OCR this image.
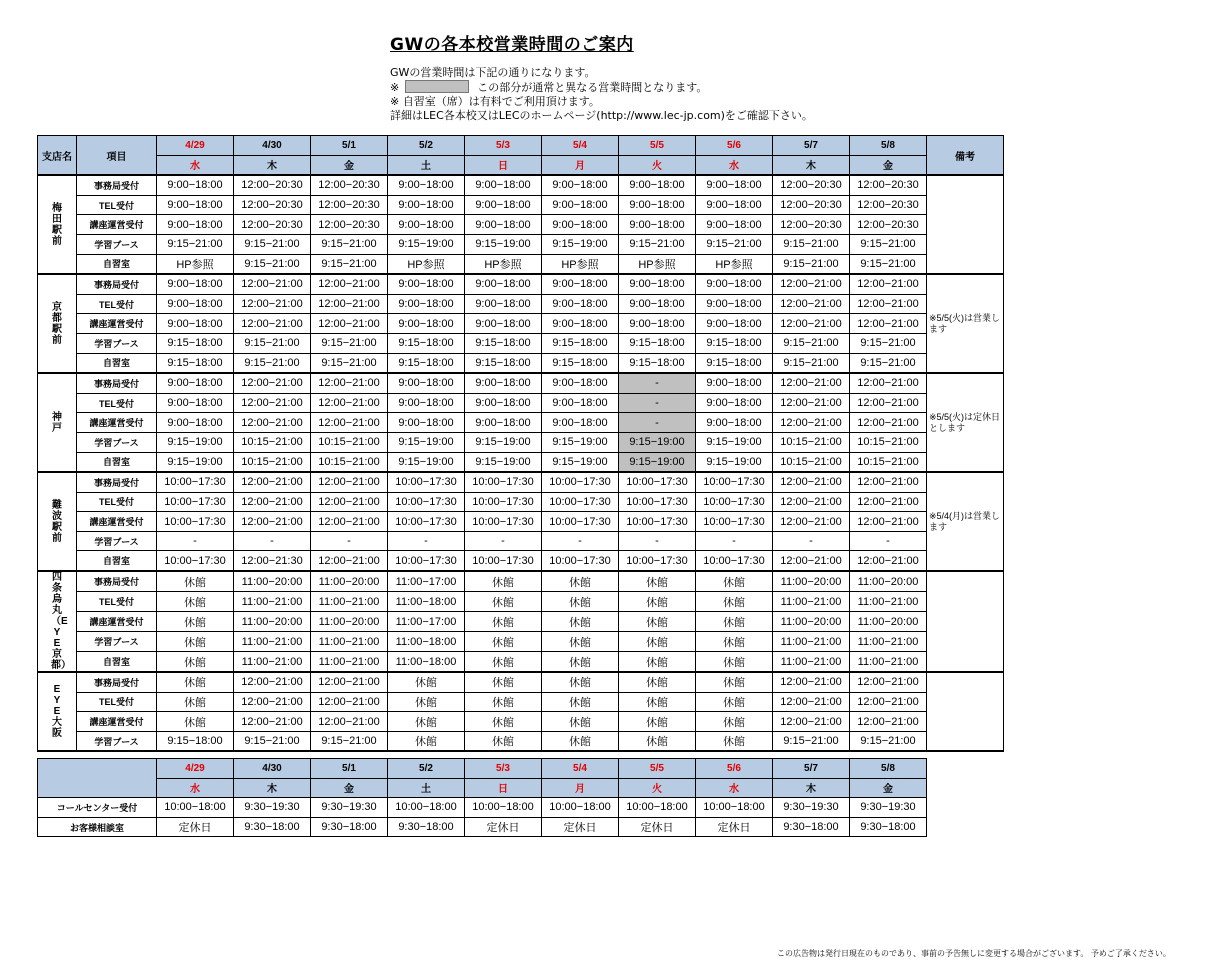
GWの各本校営業時間のご案内
GWの営業時間は下記の通りになります。
※	この部分が通常と異なる営業時間となります。
※ 自習室（席）は有料でご利用頂けます。
詳細はLEC各本校又はLECのホームページ(http://www.lec-jp.com)をご確認下さい。
支店名	項目	4/29	4/30	5/1	5/2	5/3	5/4	5/5	5/6	5/7	5/8	備考
		水	木	金	土	日	月	火	水	木	金	

梅田駅前	事務局受付	9:00−18:00	12:00−20:30	12:00−20:30	9:00−18:00	9:00−18:00	9:00−18:00	9:00−18:00	9:00−18:00	12:00−20:30	12:00−20:30	
	TEL受付	9:00−18:00	12:00−20:30	12:00−20:30	9:00−18:00	9:00−18:00	9:00−18:00	9:00−18:00	9:00−18:00	12:00−20:30	12:00−20:30	
	講座運営受付	9:00−18:00	12:00−20:30	12:00−20:30	9:00−18:00	9:00−18:00	9:00−18:00	9:00−18:00	9:00−18:00	12:00−20:30	12:00−20:30	
	学習ブース	9:15−21:00	9:15−21:00	9:15−21:00	9:15−19:00	9:15−19:00	9:15−19:00	9:15−21:00	9:15−21:00	9:15−21:00	9:15−21:00	
	自習室	HP参照	9:15−21:00	9:15−21:00	HP参照	HP参照	HP参照	HP参照	HP参照	9:15−21:00	9:15−21:00	

京都駅前	事務局受付	9:00−18:00	12:00−21:00	12:00−21:00	9:00−18:00	9:00−18:00	9:00−18:00	9:00−18:00	9:00−18:00	12:00−21:00	12:00−21:00	※5/5(火)は営業します
	TEL受付	9:00−18:00	12:00−21:00	12:00−21:00	9:00−18:00	9:00−18:00	9:00−18:00	9:00−18:00	9:00−18:00	12:00−21:00	12:00−21:00	
	講座運営受付	9:00−18:00	12:00−21:00	12:00−21:00	9:00−18:00	9:00−18:00	9:00−18:00	9:00−18:00	9:00−18:00	12:00−21:00	12:00−21:00	
	学習ブース	9:15−18:00	9:15−21:00	9:15−21:00	9:15−18:00	9:15−18:00	9:15−18:00	9:15−18:00	9:15−18:00	9:15−21:00	9:15−21:00	
	自習室	9:15−18:00	9:15−21:00	9:15−21:00	9:15−18:00	9:15−18:00	9:15−18:00	9:15−18:00	9:15−18:00	9:15−21:00	9:15−21:00	

神戸	事務局受付	9:00−18:00	12:00−21:00	12:00−21:00	9:00−18:00	9:00−18:00	9:00−18:00	-	9:00−18:00	12:00−21:00	12:00−21:00	※5/5(火)は定休日とします
	TEL受付	9:00−18:00	12:00−21:00	12:00−21:00	9:00−18:00	9:00−18:00	9:00−18:00	-	9:00−18:00	12:00−21:00	12:00−21:00	
	講座運営受付	9:00−18:00	12:00−21:00	12:00−21:00	9:00−18:00	9:00−18:00	9:00−18:00	-	9:00−18:00	12:00−21:00	12:00−21:00	
	学習ブース	9:15−19:00	10:15−21:00	10:15−21:00	9:15−19:00	9:15−19:00	9:15−19:00	9:15−19:00	9:15−19:00	10:15−21:00	10:15−21:00	
	自習室	9:15−19:00	10:15−21:00	10:15−21:00	9:15−19:00	9:15−19:00	9:15−19:00	9:15−19:00	9:15−19:00	10:15−21:00	10:15−21:00	

難波駅前	事務局受付	10:00−17:30	12:00−21:00	12:00−21:00	10:00−17:30	10:00−17:30	10:00−17:30	10:00−17:30	10:00−17:30	12:00−21:00	12:00−21:00	※5/4(月)は営業します
	TEL受付	10:00−17:30	12:00−21:00	12:00−21:00	10:00−17:30	10:00−17:30	10:00−17:30	10:00−17:30	10:00−17:30	12:00−21:00	12:00−21:00	
	講座運営受付	10:00−17:30	12:00−21:00	12:00−21:00	10:00−17:30	10:00−17:30	10:00−17:30	10:00−17:30	10:00−17:30	12:00−21:00	12:00−21:00	
	学習ブース	-	-	-	-	-	-	-	-	-	-	
	自習室	10:00−17:30	12:00−21:30	12:00−21:00	10:00−17:30	10:00−17:30	10:00−17:30	10:00−17:30	10:00−17:30	12:00−21:00	12:00−21:00	

四条烏丸（EYE京都）	事務局受付	休館	11:00−20:00	11:00−20:00	11:00−17:00	休館	休館	休館	休館	11:00−20:00	11:00−20:00	
	TEL受付	休館	11:00−21:00	11:00−21:00	11:00−18:00	休館	休館	休館	休館	11:00−21:00	11:00−21:00	
	講座運営受付	休館	11:00−20:00	11:00−20:00	11:00−17:00	休館	休館	休館	休館	11:00−20:00	11:00−20:00	
	学習ブース	休館	11:00−21:00	11:00−21:00	11:00−18:00	休館	休館	休館	休館	11:00−21:00	11:00−21:00	
	自習室	休館	11:00−21:00	11:00−21:00	11:00−18:00	休館	休館	休館	休館	11:00−21:00	11:00−21:00	

EYE大阪	事務局受付	休館	12:00−21:00	12:00−21:00	休館	休館	休館	休館	休館	12:00−21:00	12:00−21:00	
	TEL受付	休館	12:00−21:00	12:00−21:00	休館	休館	休館	休館	休館	12:00−21:00	12:00−21:00	
	講座運営受付	休館	12:00−21:00	12:00−21:00	休館	休館	休館	休館	休館	12:00−21:00	12:00−21:00	
	学習ブース	9:15−18:00	9:15−21:00	9:15−21:00	休館	休館	休館	休館	休館	9:15−21:00	9:15−21:00	
	4/29	4/30	5/1	5/2	5/3	5/4	5/5	5/6	5/7	5/8
	水	木	金	土	日	月	火	水	木	金
コールセンター受付	10:00−18:00	9:30−19:30	9:30−19:30	10:00−18:00	10:00−18:00	10:00−18:00	10:00−18:00	10:00−18:00	9:30−19:30	9:30−19:30
お客様相談室	定休日	9:30−18:00	9:30−18:00	9:30−18:00	定休日	定休日	定休日	定休日	9:30−18:00	9:30−18:00
この広告物は発行日現在のものであり、事前の予告無しに変更する場合がございます。 予めご了承ください。
